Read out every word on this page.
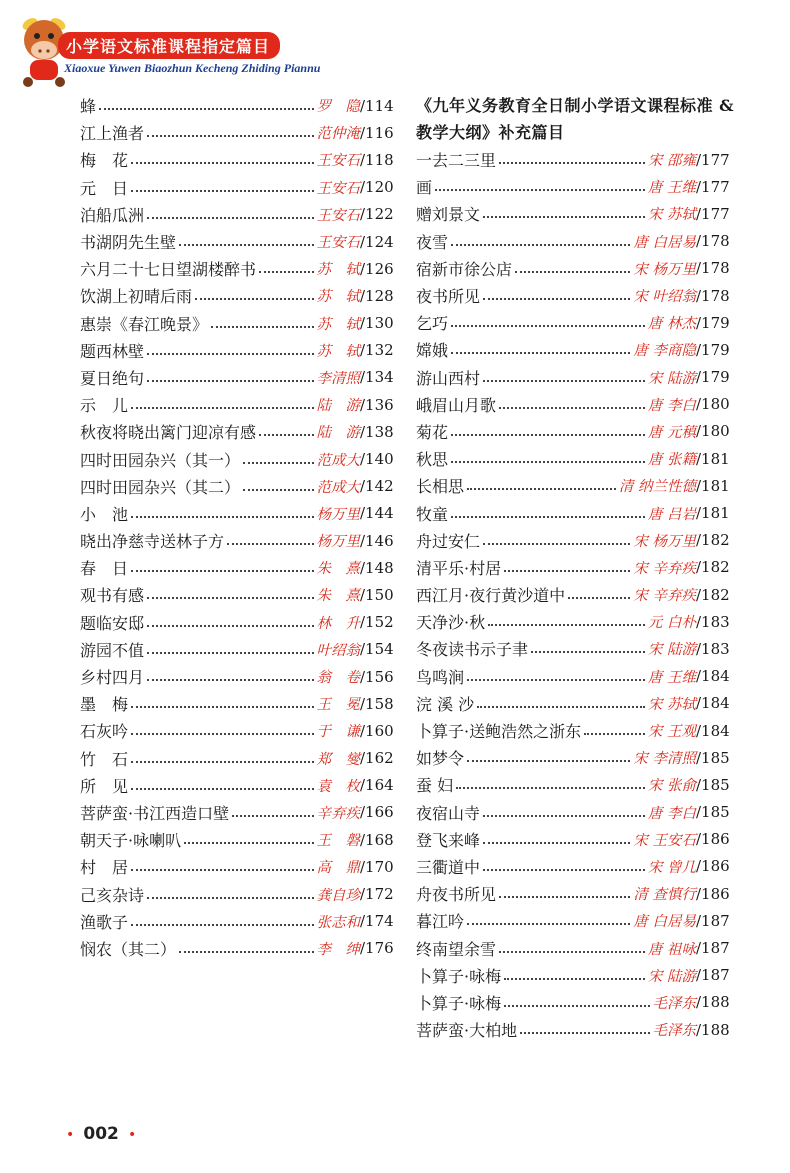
小学语文标准课程指定篇目
Xiaoxue Yuwen Biaozhun Kecheng Zhiding Piannu
蜂	罗　隐 /114
江上渔者	范仲淹 /116
梅　花	王安石 /118
元　日	王安石 /120
泊船瓜洲	王安石 /122
书湖阴先生壁	王安石 /124
六月二十七日望湖楼醉书	苏　轼 /126
饮湖上初晴后雨	苏　轼 /128
惠崇《春江晚景》	苏　轼 /130
题西林壁	苏　轼 /132
夏日绝句	李清照 /134
示　儿	陆　游 /136
秋夜将晓出篱门迎凉有感	陆　游 /138
四时田园杂兴（其一）	范成大 /140
四时田园杂兴（其二）	范成大 /142
小　池	杨万里 /144
晓出净慈寺送林子方	杨万里 /146
春　日	朱　熹 /148
观书有感	朱　熹 /150
题临安邸	林　升 /152
游园不值	叶绍翁 /154
乡村四月	翁　卷 /156
墨　梅	王　冕 /158
石灰吟	于　谦 /160
竹　石	郑　燮 /162
所　见	袁　枚 /164
菩萨蛮·书江西造口壁	辛弃疾 /166
朝天子·咏喇叭	王　磐 /168
村　居	高　鼎 /170
己亥杂诗	龚自珍 /172
渔歌子	张志和 /174
悯农（其二）	李　绅 /176
《九年义务教育全日制小学语文课程标准 & 教学大纲》补充篇目
一去二三里	宋 邵雍 /177
画	唐 王维 /177
赠刘景文	宋 苏轼 /177
夜雪	唐 白居易 /178
宿新市徐公店	宋 杨万里 /178
夜书所见	宋 叶绍翁 /178
乞巧	唐 林杰 /179
嫦娥	唐 李商隐 /179
游山西村	宋 陆游 /179
峨眉山月歌	唐 李白 /180
菊花	唐 元稹 /180
秋思	唐 张籍 /181
长相思	清 纳兰性德 /181
牧童	唐 吕岩 /181
舟过安仁	宋 杨万里 /182
清平乐·村居	宋 辛弃疾 /182
西江月·夜行黄沙道中	宋 辛弃疾 /182
天净沙·秋	元 白朴 /183
冬夜读书示子聿	宋 陆游 /183
鸟鸣涧	唐 王维 /184
浣 溪 沙	宋 苏轼 /184
卜算子·送鲍浩然之浙东	宋 王观 /184
如梦令	宋 李清照 /185
蚕 妇	宋 张俞 /185
夜宿山寺	唐 李白 /185
登飞来峰	宋 王安石 /186
三衢道中	宋 曾几 /186
舟夜书所见	清 查慎行 /186
暮江吟	唐 白居易 /187
终南望余雪	唐 祖咏 /187
卜算子·咏梅	宋 陆游 /187
卜算子·咏梅	毛泽东 /188
菩萨蛮·大柏地	毛泽东 /188
• 002 •
